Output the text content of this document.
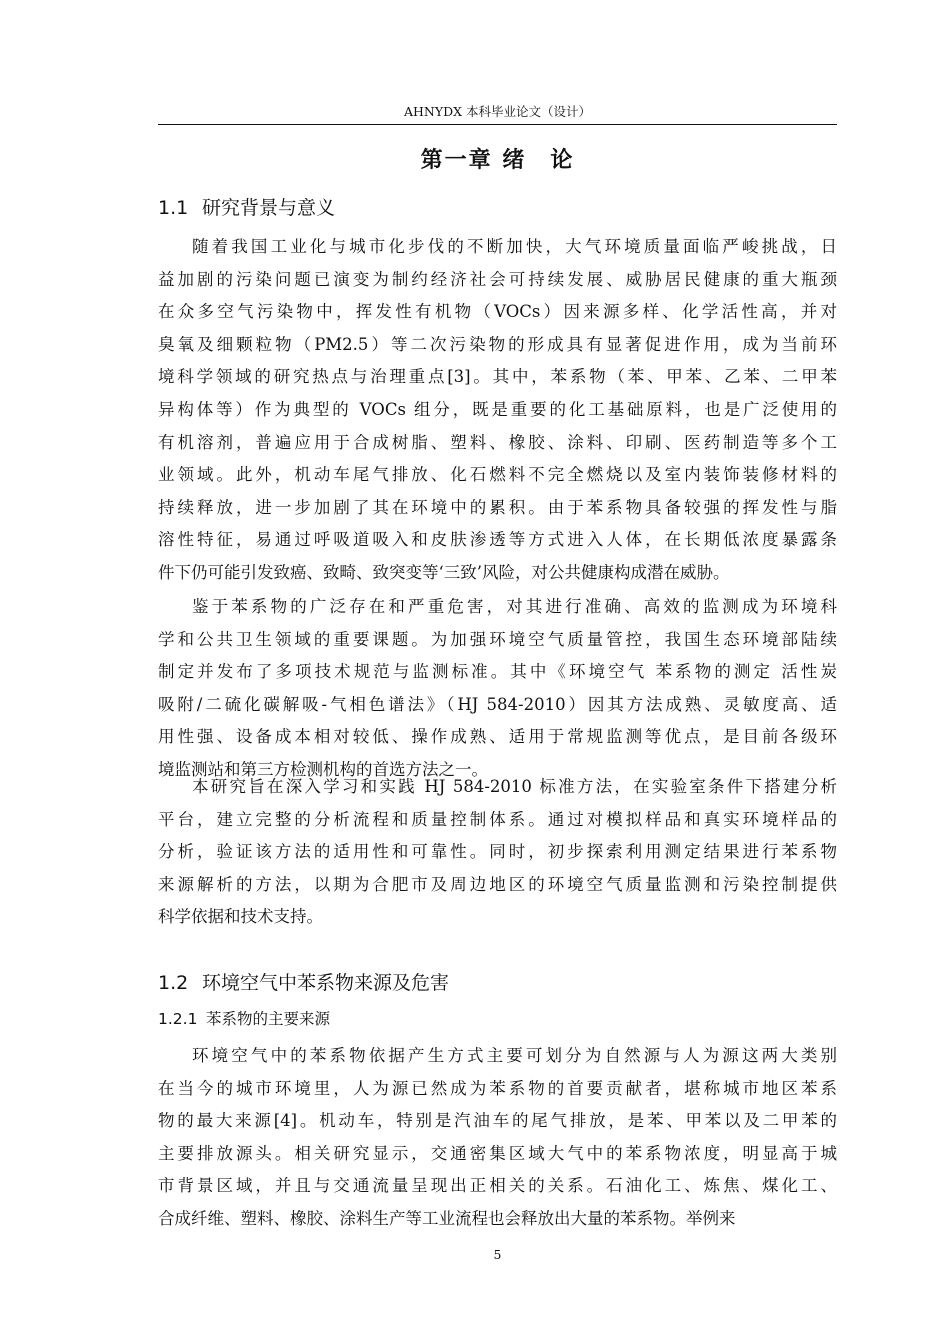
AHNYDX 本科毕业论文（设计）
第一章 绪　论
1.1 研究背景与意义
随着我国工业化与城市化步伐的不断加快，大气环境质量面临严峻挑战，日
益加剧的污染问题已演变为制约经济社会可持续发展、威胁居民健康的重大瓶颈
在众多空气污染物中，挥发性有机物（VOCs）因来源多样、化学活性高，并对
臭氧及细颗粒物（PM2.5）等二次污染物的形成具有显著促进作用，成为当前环
境科学领域的研究热点与治理重点[3]。其中，苯系物（苯、甲苯、乙苯、二甲苯
异构体等）作为典型的 VOCs 组分，既是重要的化工基础原料，也是广泛使用的
有机溶剂，普遍应用于合成树脂、塑料、橡胶、涂料、印刷、医药制造等多个工
业领域。此外，机动车尾气排放、化石燃料不完全燃烧以及室内装饰装修材料的
持续释放，进一步加剧了其在环境中的累积。由于苯系物具备较强的挥发性与脂
溶性特征，易通过呼吸道吸入和皮肤渗透等方式进入人体，在长期低浓度暴露条
件下仍可能引发致癌、致畸、致突变等‘三致’风险，对公共健康构成潜在威胁。
鉴于苯系物的广泛存在和严重危害，对其进行准确、高效的监测成为环境科
学和公共卫生领域的重要课题。为加强环境空气质量管控，我国生态环境部陆续
制定并发布了多项技术规范与监测标准。其中《环境空气 苯系物的测定 活性炭
吸附/二硫化碳解吸-气相色谱法》（HJ 584-2010）因其方法成熟、灵敏度高、适
用性强、设备成本相对较低、操作成熟、适用于常规监测等优点，是目前各级环
境监测站和第三方检测机构的首选方法之一。
本研究旨在深入学习和实践 HJ 584-2010 标准方法，在实验室条件下搭建分析
平台，建立完整的分析流程和质量控制体系。通过对模拟样品和真实环境样品的
分析，验证该方法的适用性和可靠性。同时，初步探索利用测定结果进行苯系物
来源解析的方法，以期为合肥市及周边地区的环境空气质量监测和污染控制提供
科学依据和技术支持。
1.2 环境空气中苯系物来源及危害
1.2.1 苯系物的主要来源
环境空气中的苯系物依据产生方式主要可划分为自然源与人为源这两大类别
在当今的城市环境里，人为源已然成为苯系物的首要贡献者，堪称城市地区苯系
物的最大来源[4]。机动车，特别是汽油车的尾气排放，是苯、甲苯以及二甲苯的
主要排放源头。相关研究显示，交通密集区域大气中的苯系物浓度，明显高于城
市背景区域，并且与交通流量呈现出正相关的关系。石油化工、炼焦、煤化工、
合成纤维、塑料、橡胶、涂料生产等工业流程也会释放出大量的苯系物。举例来
5
